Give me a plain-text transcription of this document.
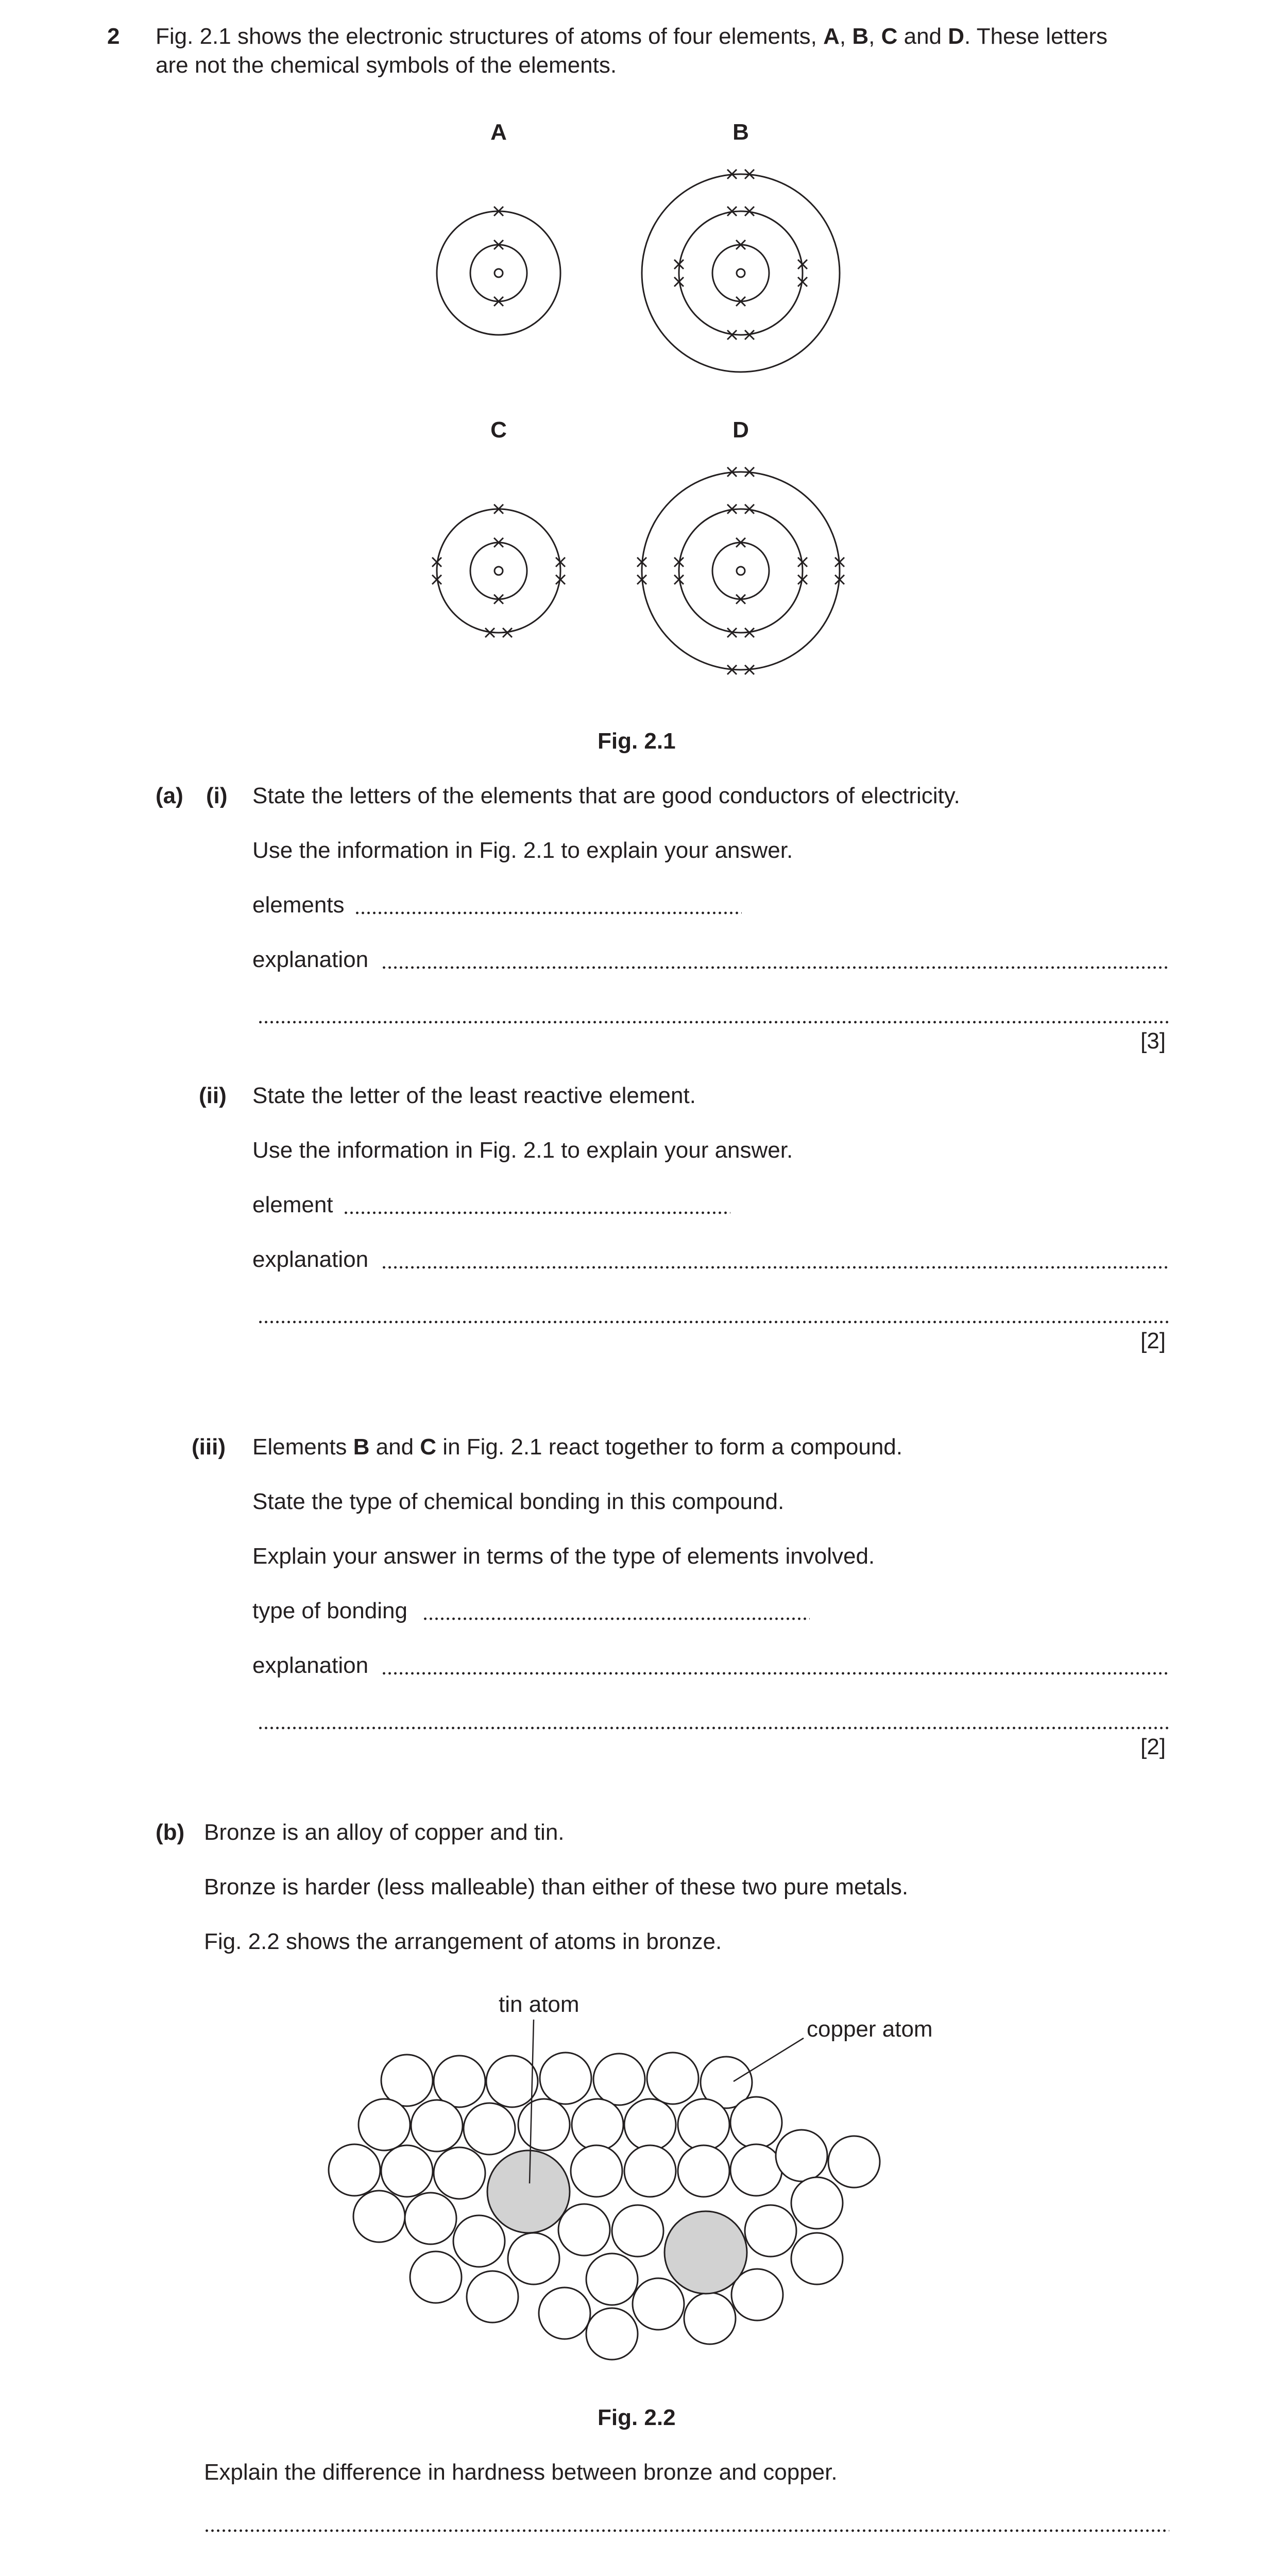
2 Fig. 2.1 shows the electronic structures of atoms of four elements, A, B, C and D. These letters
are not the chemical symbols of the elements.
A	B
C	D
Fig. 2.1
(a) (i) State the letters of the elements that are good conductors of electricity.
Use the information in Fig. 2.1 to explain your answer.
elements
explanation
[3]
(ii) State the letter of the least reactive element.
Use the information in Fig. 2.1 to explain your answer.
element
explanation
[2]
(iii) Elements B and C in Fig. 2.1 react together to form a compound.
State the type of chemical bonding in this compound.
Explain your answer in terms of the type of elements involved.
type of bonding
explanation
[2]
(b) Bronze is an alloy of copper and tin.
Bronze is harder (less malleable) than either of these two pure metals.
Fig. 2.2 shows the arrangement of atoms in bronze.
tin atom
copper atom
Fig. 2.2
Explain the difference in hardness between bronze and copper.
